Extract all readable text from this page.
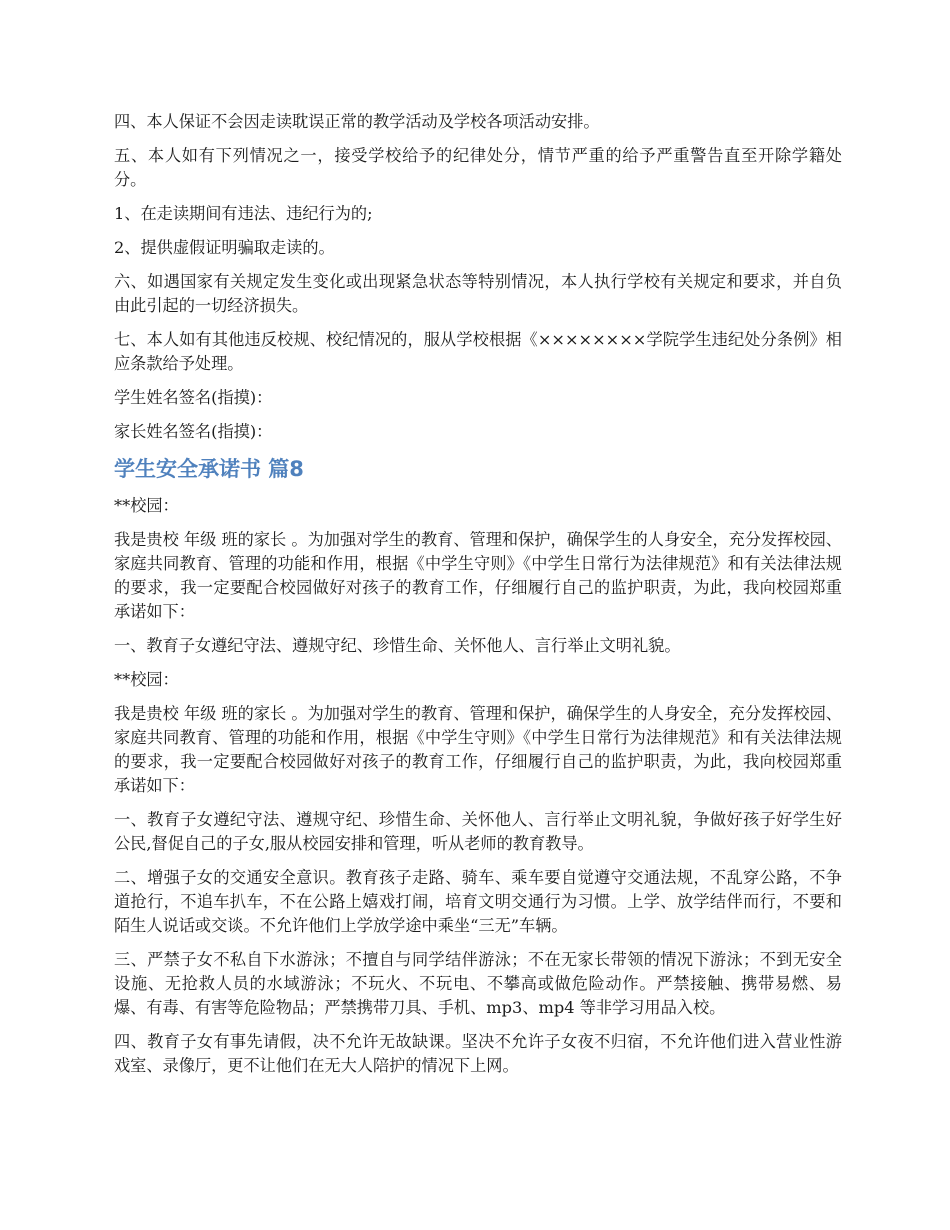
四、本人保证不会因走读耽误正常的教学活动及学校各项活动安排。

五、本人如有下列情况之一，接受学校给予的纪律处分，情节严重的给予严重警告直至开除学籍处分。

1、在走读期间有违法、违纪行为的;

2、提供虚假证明骗取走读的。

六、如遇国家有关规定发生变化或出现紧急状态等特别情况，本人执行学校有关规定和要求，并自负由此引起的一切经济损失。

七、本人如有其他违反校规、校纪情况的，服从学校根据《××××××××学院学生违纪处分条例》相应条款给予处理。

学生姓名签名(指摸)：

家长姓名签名(指摸)：

学生安全承诺书 篇8

**校园：

我是贵校 年级 班的家长 。为加强对学生的教育、管理和保护，确保学生的人身安全，充分发挥校园、家庭共同教育、管理的功能和作用，根据《中学生守则》《中学生日常行为法律规范》和有关法律法规的要求，我一定要配合校园做好对孩子的教育工作，仔细履行自己的监护职责，为此，我向校园郑重承诺如下：

一、教育子女遵纪守法、遵规守纪、珍惜生命、关怀他人、言行举止文明礼貌。

**校园：

我是贵校 年级 班的家长 。为加强对学生的教育、管理和保护，确保学生的人身安全，充分发挥校园、家庭共同教育、管理的功能和作用，根据《中学生守则》《中学生日常行为法律规范》和有关法律法规的要求，我一定要配合校园做好对孩子的教育工作，仔细履行自己的监护职责，为此，我向校园郑重承诺如下：

一、教育子女遵纪守法、遵规守纪、珍惜生命、关怀他人、言行举止文明礼貌，争做好孩子好学生好公民,督促自己的子女,服从校园安排和管理，听从老师的教育教导。

二、增强子女的交通安全意识。教育孩子走路、骑车、乘车要自觉遵守交通法规，不乱穿公路，不争道抢行，不追车扒车，不在公路上嬉戏打闹，培育文明交通行为习惯。上学、放学结伴而行，不要和陌生人说话或交谈。不允许他们上学放学途中乘坐“三无”车辆。

三、严禁子女不私自下水游泳；不擅自与同学结伴游泳；不在无家长带领的情况下游泳；不到无安全设施、无抢救人员的水域游泳；不玩火、不玩电、不攀高或做危险动作。严禁接触、携带易燃、易爆、有毒、有害等危险物品；严禁携带刀具、手机、mp3、mp4 等非学习用品入校。

四、教育子女有事先请假，决不允许无故缺课。坚决不允许子女夜不归宿，不允许他们进入营业性游戏室、录像厅，更不让他们在无大人陪护的情况下上网。
